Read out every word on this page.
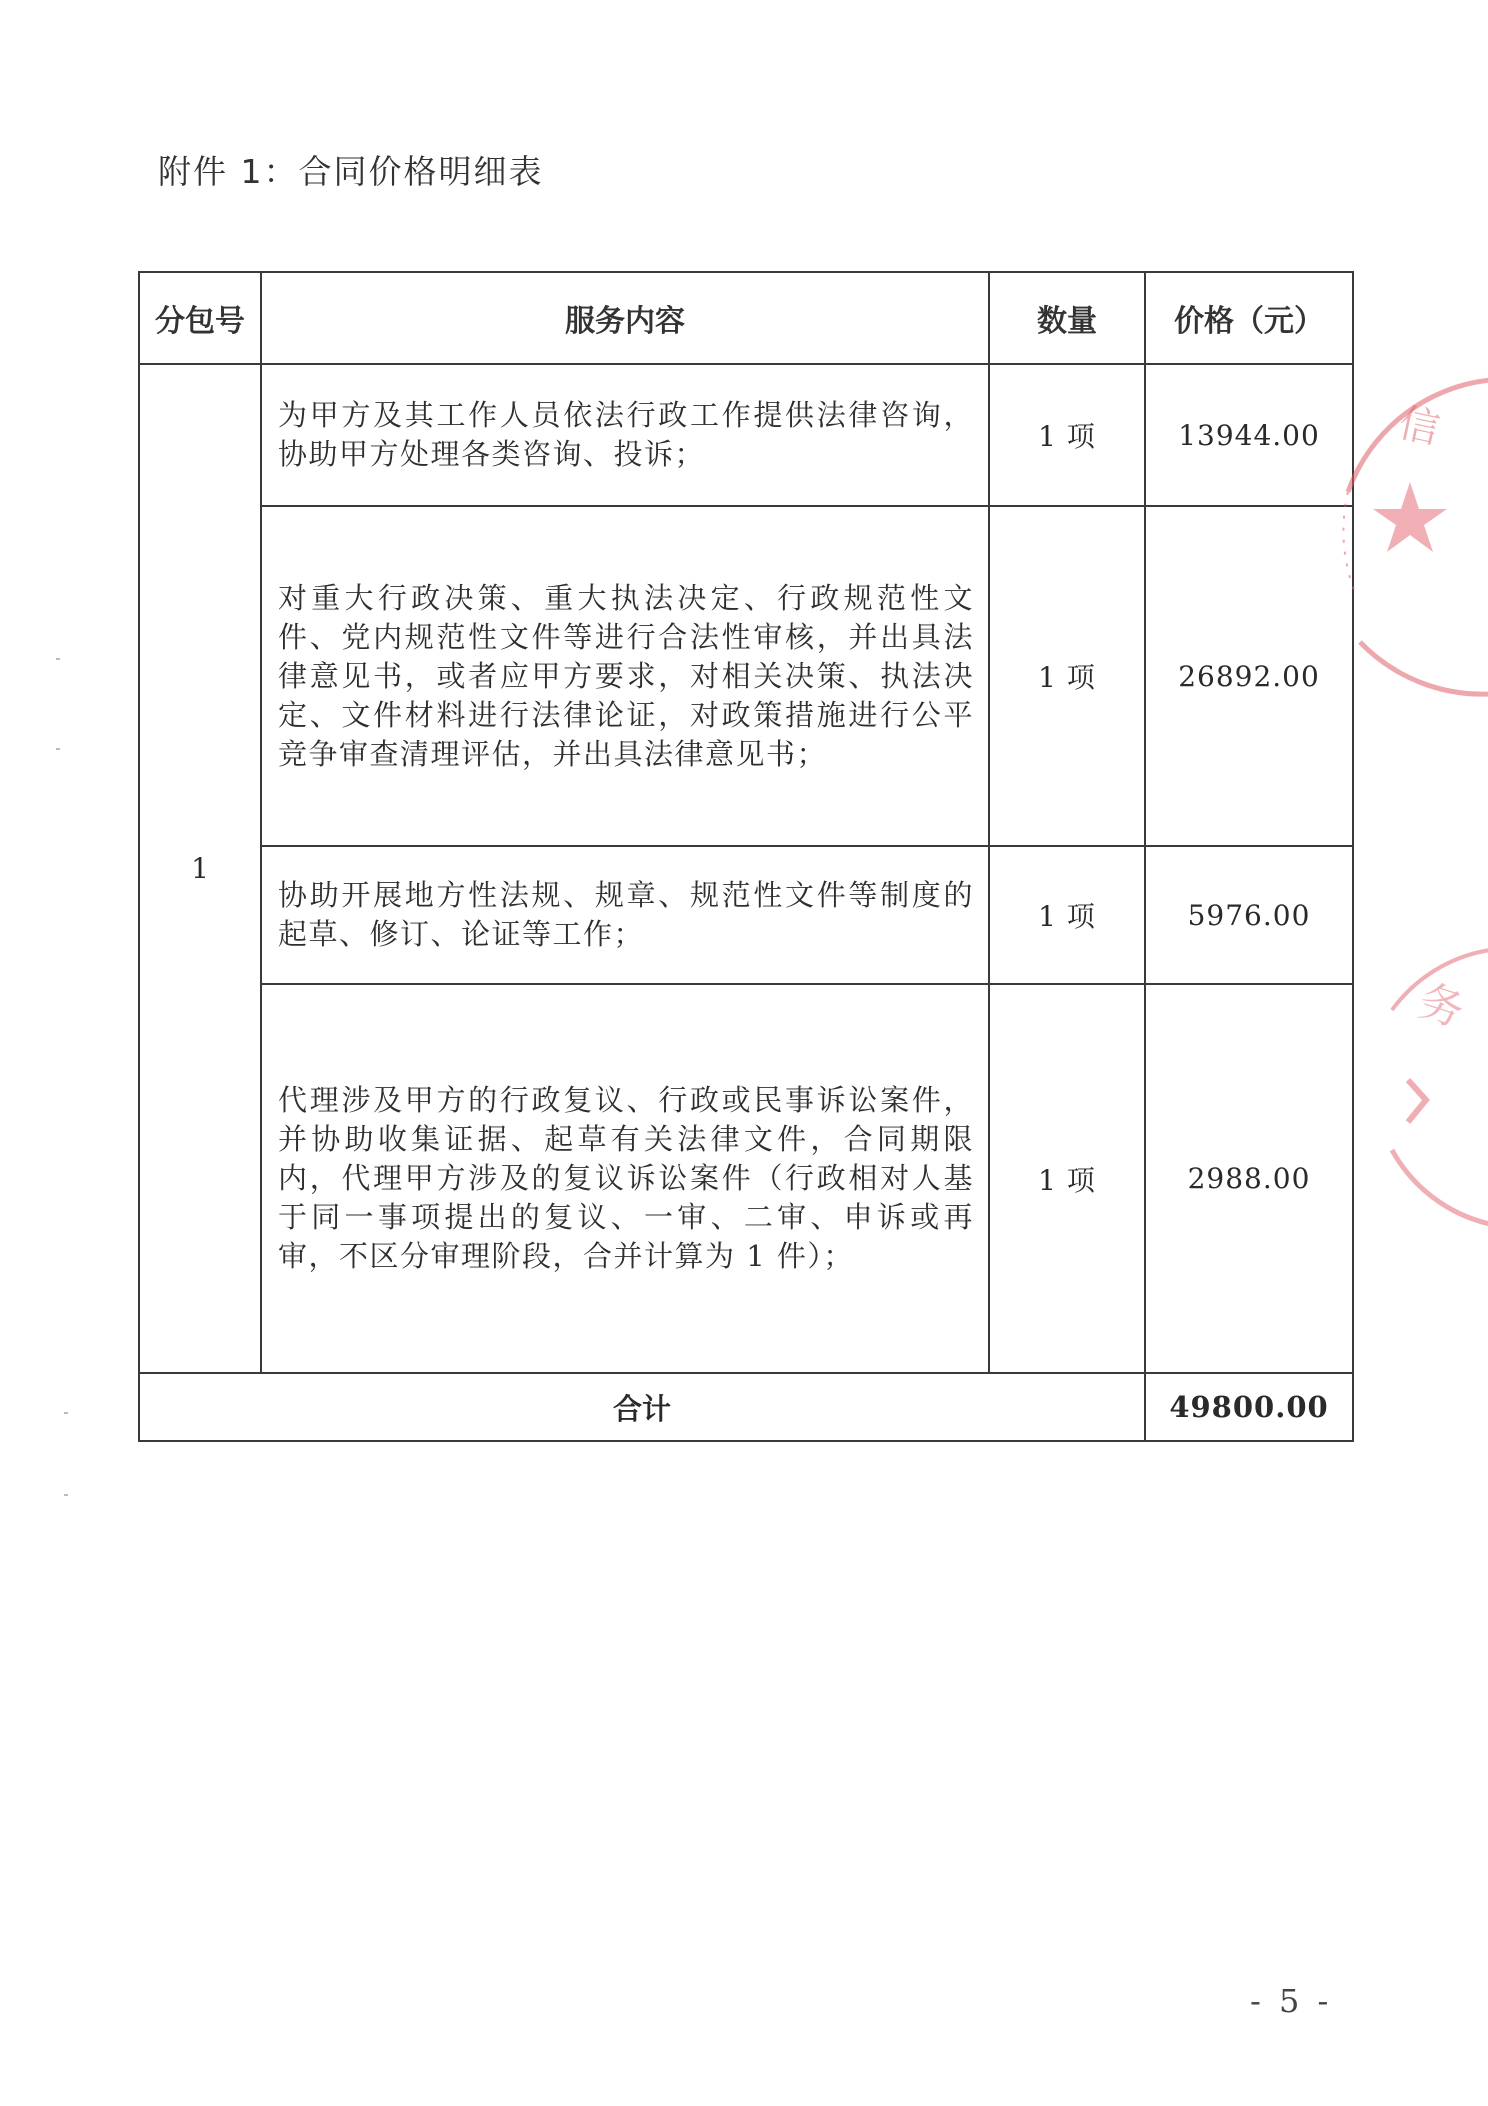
附件 1：合同价格明细表
分包号	服务内容	数量	价格（元）
1	为甲方及其工作人员依法行政工作提供法律咨询，协助甲方处理各类咨询、投诉；	1 项	13944.00
	对重大行政决策、重大执法决定、行政规范性文件、党内规范性文件等进行合法性审核，并出具法律意见书，或者应甲方要求，对相关决策、执法决定、文件材料进行法律论证，对政策措施进行公平竞争审查清理评估，并出具法律意见书；	1 项	26892.00
	协助开展地方性法规、规章、规范性文件等制度的起草、修订、论证等工作；	1 项	5976.00
	代理涉及甲方的行政复议、行政或民事诉讼案件，并协助收集证据、起草有关法律文件，合同期限内，代理甲方涉及的复议诉讼案件（行政相对人基于同一事项提出的复议、一审、二审、申诉或再审，不区分审理阶段，合并计算为 1 件）；	1 项	2988.00
合计			49800.00
信
务
- 5 -
